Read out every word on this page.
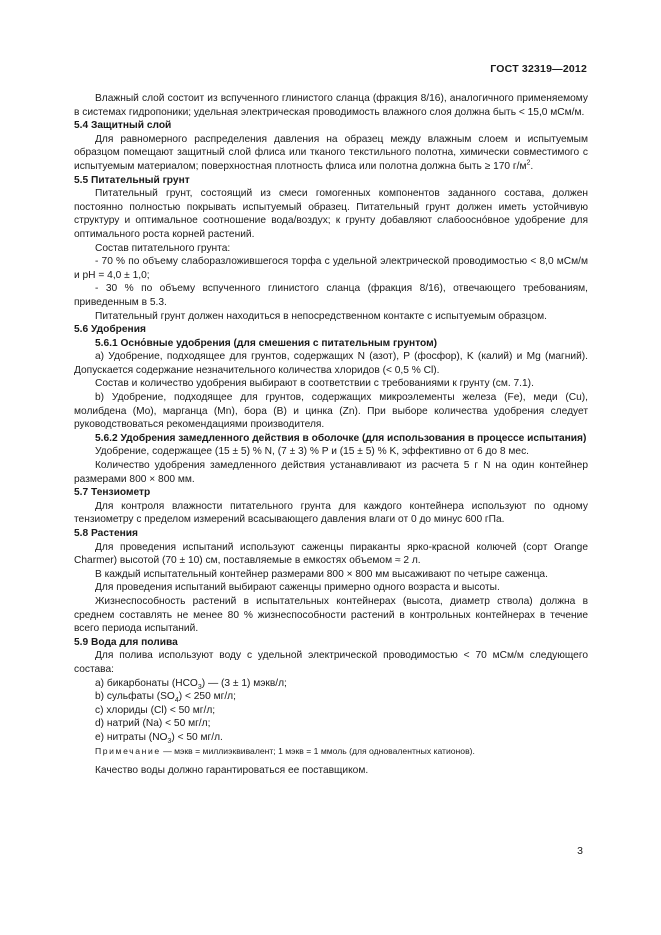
ГОСТ 32319—2012

Влажный слой состоит из вспученного глинистого сланца (фракция 8/16), аналогичного применяемому в системах гидропоники; удельная электрическая проводимость влажного слоя должна быть < 15,0 мСм/м.

5.4 Защитный слой

Для равномерного распределения давления на образец между влажным слоем и испытуемым образцом помещают защитный слой флиса или тканого текстильного полотна, химически совместимого с испытуемым материалом; поверхностная плотность флиса или полотна должна быть ≥ 170 $г/м^2$.

5.5 Питательный грунт

Питательный грунт, состоящий из смеси гомогенных компонентов заданного состава, должен постоянно полностью покрывать испытуемый образец. Питательный грунт должен иметь устойчивую структуру и оптимальное соотношение вода/воздух; к грунту добавляют слабоосно́вное удобрение для оптимального роста корней растений.

Состав питательного грунта:

- 70 % по объему слаборазложившегося торфа с удельной электрической проводимостью < 8,0 мСм/м и pH = 4,0 ± 1,0;

- 30 % по объему вспученного глинистого сланца (фракция 8/16), отвечающего требованиям, приведенным в 5.3.

Питательный грунт должен находиться в непосредственном контакте с испытуемым образцом.

5.6 Удобрения

5.6.1 Осно́вные удобрения (для смешения с питательным грунтом)

а) Удобрение, подходящее для грунтов, содержащих N (азот), P (фосфор), K (калий) и Mg (магний). Допускается содержание незначительного количества хлоридов (< 0,5 % Cl).

Состав и количество удобрения выбирают в соответствии с требованиями к грунту (см. 7.1).

b) Удобрение, подходящее для грунтов, содержащих микроэлементы железа (Fe), меди (Cu), молибдена (Mo), марганца (Mn), бора (B) и цинка (Zn). При выборе количества удобрения следует руководствоваться рекомендациями производителя.

5.6.2 Удобрения замедленного действия в оболочке (для использования в процессе испытания)

Удобрение, содержащее (15 ± 5) % N, (7 ± 3) % P и (15 ± 5) % K, эффективно от 6 до 8 мес.

Количество удобрения замедленного действия устанавливают из расчета 5 г N на один контейнер размерами 800 × 800 мм.

5.7 Тензиометр

Для контроля влажности питательного грунта для каждого контейнера используют по одному тензиометру с пределом измерений всасывающего давления влаги от 0 до минус 600 гПа.

5.8 Растения

Для проведения испытаний используют саженцы пираканты ярко-красной колючей (сорт Orange Charmer) высотой (70 ± 10) см, поставляемые в емкостях объемом ≈ 2 л.

В каждый испытательный контейнер размерами 800 × 800 мм высаживают по четыре саженца.

Для проведения испытаний выбирают саженцы примерно одного возраста и высоты.

Жизнеспособность растений в испытательных контейнерах (высота, диаметр ствола) должна в среднем составлять не менее 80 % жизнеспособности растений в контрольных контейнерах в течение всего периода испытаний.

5.9 Вода для полива

Для полива используют воду с удельной электрической проводимостью < 70 мСм/м следующего состава:

а) бикарбонаты $(HCO_3)$ — (3 ± 1) мэкв/л;

b) сульфаты $(SO_4) < 250$ мг/л;

с) хлориды (Cl) < 50 мг/л;

d) натрий (Na) < 50 мг/л;

е) нитраты $(NO_3) < 50$ мг/л.

Примечание — мэкв = миллиэквивалент; 1 мэкв = 1 ммоль (для одновалентных катионов).

Качество воды должно гарантироваться ее поставщиком.

3
